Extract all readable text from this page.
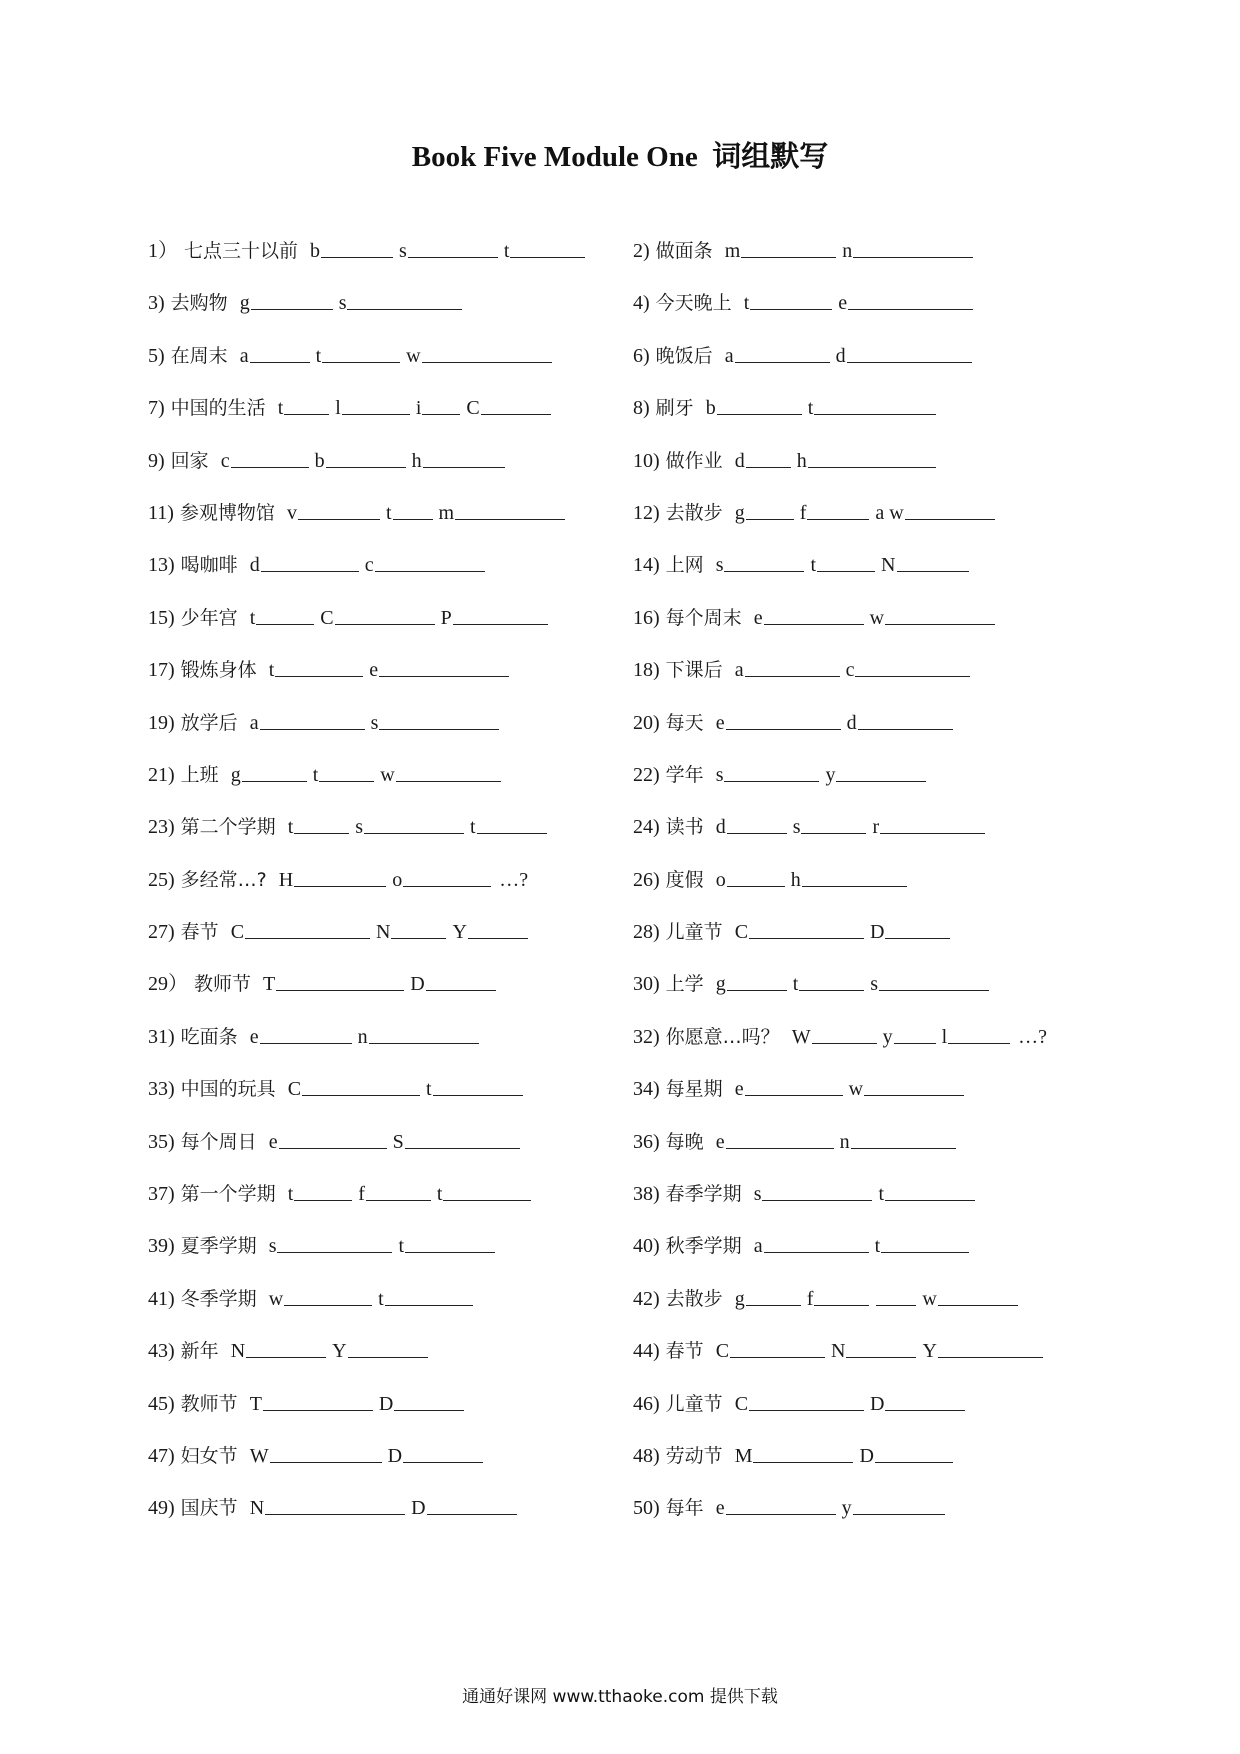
Book Five Module One  词组默写
1） 七点三十以前 b	s	t	2) 做面条 m	n
3) 去购物 g	s	4) 今天晚上 t	e
5) 在周末 a	t	w	6) 晚饭后 a	d
7) 中国的生活 t	l	i C	8) 刷牙 b	t
9) 回家 c	b	h	10) 做作业 d	h
11) 参观博物馆 v	t m	12) 去散步 g	f	a w
13) 喝咖啡 d	c	14) 上网 s	t	N
15) 少年宫 t	C	P	16) 每个周末 e	w
17) 锻炼身体 t	e	18) 下课后 a	c
19) 放学后 a	s	20) 每天 e	d
21) 上班 g	t	w	22) 学年 s	y
23) 第二个学期 t	s	t	24) 读书 d	s	r
25) 多经常…? H	o	…?	26) 度假 o	h
27) 春节 C	N	Y	28) 儿童节 C	D
29） 教师节 T	D	30) 上学 g	t	s
31) 吃面条 e	n	32) 你愿意…吗？ W	y l	…?
33) 中国的玩具 C	t	34) 每星期 e	w
35) 每个周日 e	S	36) 每晚 e	n
37) 第一个学期 t	f	t	38) 春季学期 s	t
39) 夏季学期 s	t	40) 秋季学期 a	t
41) 冬季学期 w	t	42) 去散步 g	f	w
43) 新年 N	Y	44) 春节 C	N	Y
45) 教师节 T	D	46) 儿童节 C	D
47) 妇女节 W	D	48) 劳动节 M	D
49) 国庆节 N	D	50) 每年 e	y
通通好课网 www.tthaoke.com 提供下载
